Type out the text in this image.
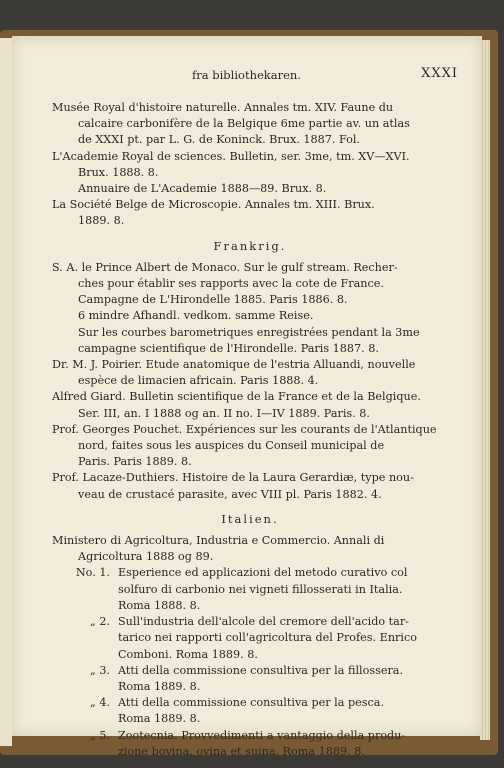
fra bibliothekaren.	XXXI
Musée Royal d'histoire naturelle. Annales tm. XIV. Faune du
calcaire carbonifère de la Belgique 6me partie av. un atlas
de XXXI pt. par L. G. de Koninck. Brux. 1887. Fol.
L'Academie Royal de sciences. Bulletin, ser. 3me, tm. XV—XVI.
Brux. 1888. 8.
Annuaire de L'Academie 1888—89. Brux. 8.
La Société Belge de Microscopie. Annales tm. XIII. Brux.
1889. 8.
Frankrig.
S. A. le Prince Albert de Monaco. Sur le gulf stream. Recher-
ches pour établir ses rapports avec la cote de France.
Campagne de L'Hirondelle 1885. Paris 1886. 8.
6 mindre Afhandl. vedkom. samme Reise.
Sur les courbes barometriques enregistrées pendant la 3me
campagne scientifique de l'Hirondelle. Paris 1887. 8.
Dr. M. J. Poirier. Etude anatomique de l'estria Alluandi, nouvelle
espèce de limacien africain. Paris 1888. 4.
Alfred Giard. Bulletin scientifique de la France et de la Belgique.
Ser. III, an. I 1888 og an. II no. I—IV 1889. Paris. 8.
Prof. Georges Pouchet. Expériences sur les courants de l'Atlantique
nord, faites sous les auspices du Conseil municipal de
Paris. Paris 1889. 8.
Prof. Lacaze-Duthiers. Histoire de la Laura Gerardiæ, type nou-
veau de crustacé parasite, avec VIII pl. Paris 1882. 4.
Italien.
Ministero di Agricoltura, Industria e Commercio. Annali di
Agricoltura 1888 og 89.
No. 1. Esperience ed applicazioni del metodo curativo col
solfuro di carbonio nei vigneti fillosserati in Italia.
Roma 1888. 8.
„ 2. Sull'industria dell'alcole del cremore dell'acido tar-
tarico nei rapporti coll'agricoltura del Profes. Enrico
Comboni. Roma 1889. 8.
„ 3. Atti della commissione consultiva per la fillossera.
Roma 1889. 8.
„ 4. Atti della commissione consultiva per la pesca.
Roma 1889. 8.
„ 5. Zootecnia. Provvedimenti a vantaggio della produ-
zione bovina, ovina et suina. Roma 1889. 8.
